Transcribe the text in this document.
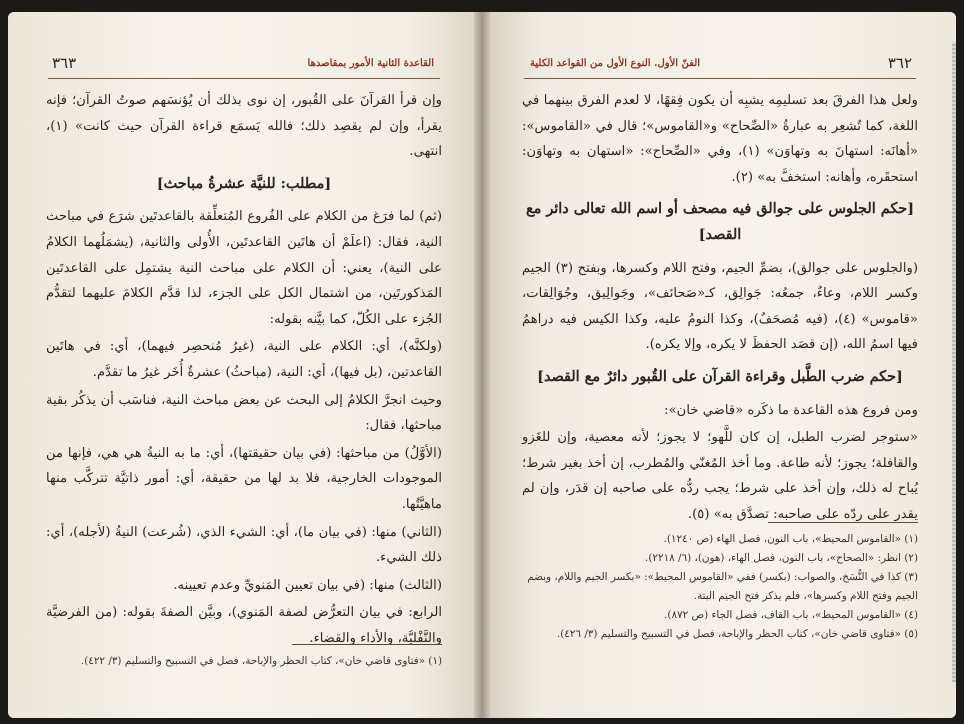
٣٦٣	القاعدة الثانية الأمور بمقاصدها

وإن قرأ القرآنَ على القُبور، إن نوى بذلك أن يُؤنسَهم صوتُ القرآن؛ فإنه يقرأ، وإن لم يقصِد ذلك؛ فالله يَسمَع قراءة القرآن حيث كانت» (١)، انتهى.

[مطلب: للنيَّة عشرةُ مباحث]

(ثم) لما فرَغ من الكلام على الفُروع المُتعلِّقة بالقاعدتَين شرَع في مباحث النية، فقال: (اعلَمْ أن هاتَين القاعدتَين، الأُولى والثانية، (يشمَلُهما الكلامُ على النية)، يعني: أن الكلام على مباحث النية يشتمِل على القاعدتَين المَذكورتَين، من اشتمال الكل على الجزء، لذا قدَّم الكلامَ عليهما لتقدُّم الجُزء على الكُلّ، كما بيَّنه بقوله:

(ولكنَّه)، أي: الكلام على النية، (غيرُ مُنحصِر فيهما)، أي: في هاتَين القاعدتين، (بل فيها)، أي: النية، (مباحثُ) عشرةٌ أُخَر غيرُ ما تقدَّم.

وحيث انجرَّ الكلامُ إلى البحث عن بعض مباحث النية، فناسَب أن يذكُر بقية مباحثها، فقال:

(الأوَّلُ) من مباحثها: (في بيان حقيقتها)، أي: ما به النيةُ هي هي، فإنها من الموجودات الخارجية، فلا بد لها من حقيقة، أي: أمور ذاتيَّة تتركَّب منها ماهيَّتُها.

(الثاني) منها: (في بيان ما)، أي: الشيء الذي، (شُرعت) النيةُ (لأجله)، أي: ذلك الشيء.

(الثالث) منها: (في بيان تعيين المَنويِّ وعدم تعيينه.

الرابع: في بيان التعرُّض لصفة المَنوي)، وبيَّن الصفةَ بقوله: (من الفرضيَّة والنَّفْليَّة، والأداء والقضاء.

(١) «فتاوى قاضي خان»، كتاب الحظر والإباحة، فصل في التسبيح والتسليم (٣/ ٤٢٢).

٣٦٢
الفنّ الأول. النوع الأول من القواعد الكلية

ولعل هذا الفرقَ بعد تسليمِه يشبِه أن يكون فِقهًا، لا لعدم الفرق بينهما في اللغة، كما تُشعِر به عبارةُ «الصِّحاح» و«القاموس»؛ قال في «القاموس»: «أهانَه: استهانَ به وتهاوَن» (١)، وفي «الصِّحاح»: «استهان به وتهاوَن: استحقَره، وأهانه: استخفَّ به» (٢).

[حكم الجلوس على جوالق فيه مصحف أو اسم الله تعالى دائر مع القصد]

(والجلوس على جوالق)، بضمِّ الجيم، وفتح اللام وكسرها، وبفتح (٣) الجيم وكسر اللام، وعاءٌ، جمعُه: جَوالِق، كـ«صَحائف»، وجَوالِيق، وجُوَالِقات، «قاموس» (٤)، (فيه مُصحَفٌ)، وكذا النومُ عليه، وكذا الكيس فيه دراهمُ فيها اسمُ الله، (إن قصَد الحفظَ لا يكره، وإلا يكره).

[حكم ضرب الطَّبل وقراءة القرآن على القُبور دائرٌ مع القصد]

ومن فروع هذه القاعدة ما ذكَره «قاضي خان»:

«ستوجر لضرب الطبل، إن كان للَّهو؛ لا يجوز؛ لأنه معصية، وإن للغَزو والقافلة؛ يجوز؛ لأنه طاعة. وما أخذ المُغنّي والمُطرب، إن أخذ بغير شرط؛ يُباح له ذلك، وإن أخذ على شرط؛ يجب ردُّه على صاحبه إن قدَر، وإن لم يقدر على ردّه على صاحبه: تصدَّق به» (٥).

(١) «القاموس المحيط»، باب النون، فصل الهاء (ص ١٢٤٠).

(٢) انظر: «الصحاح»، باب النون، فصل الهاء، (هون)، (٦/ ٢٢١٨).

(٣) كذا في النُّسَخ، والصواب: (بكسر) ففي «القاموس المحيط»: «بكسر الجيم واللام، وبضم الجيم وفتح اللام وكسرها»، فلم يذكر فتح الجيم البتة.

(٤) «القاموس المحيط»، باب القاف، فصل الجاء (ص ٨٧٢).

(٥) «فتاوى قاضي خان»، كتاب الحظر والإباحة، فصل في التسبيح والتسليم (٣/ ٤٢٦).
